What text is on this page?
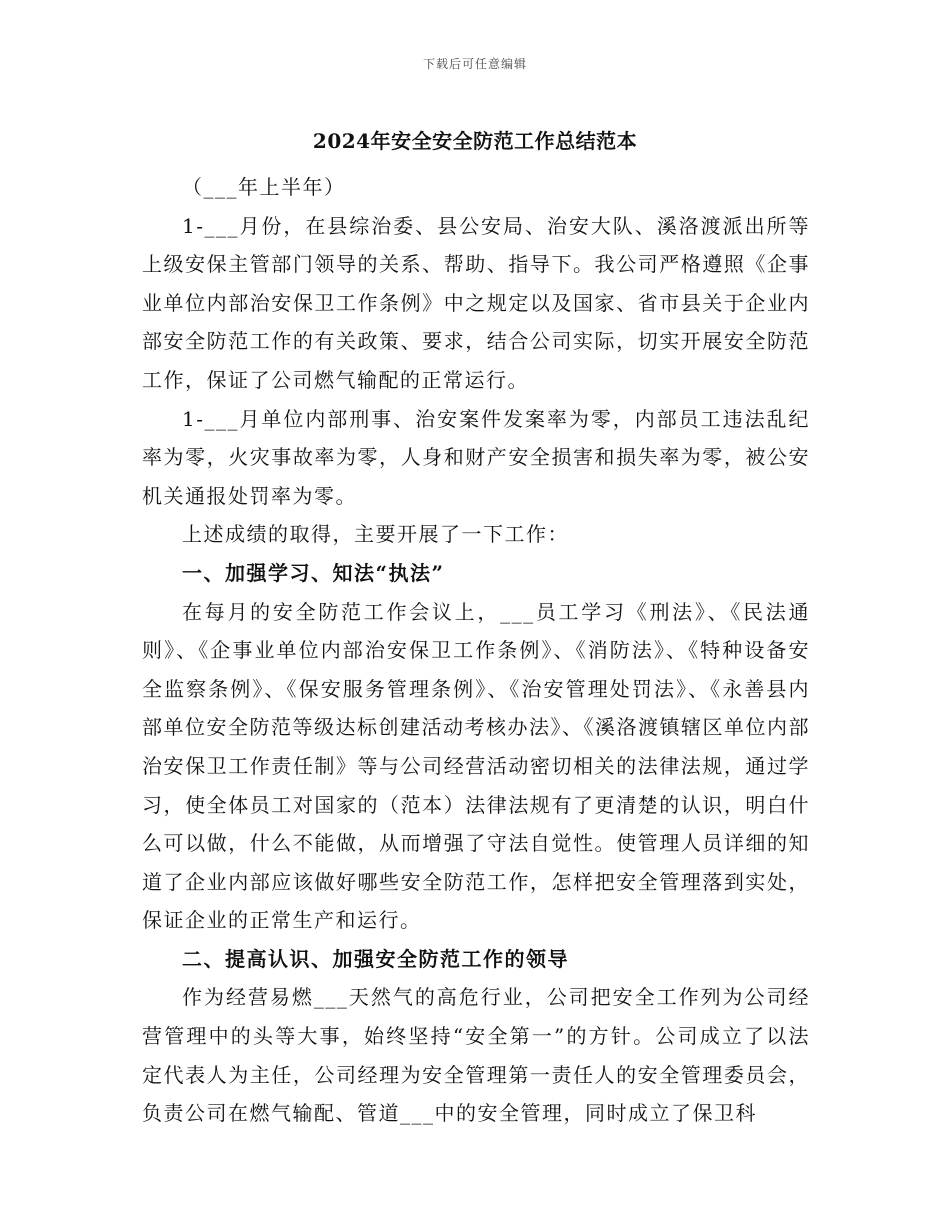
下载后可任意编辑
2024年安全安全防范工作总结范本

（___年上半年）

1-___月份，在县综治委、县公安局、治安大队、溪洛渡派出所等上级安保主管部门领导的关系、帮助、指导下。我公司严格遵照《企事业单位内部治安保卫工作条例》中之规定以及国家、省市县关于企业内部安全防范工作的有关政策、要求，结合公司实际，切实开展安全防范工作，保证了公司燃气输配的正常运行。

1-___月单位内部刑事、治安案件发案率为零，内部员工违法乱纪率为零，火灾事故率为零，人身和财产安全损害和损失率为零，被公安机关通报处罚率为零。

上述成绩的取得，主要开展了一下工作：

一、加强学习、知法“执法”

在每月的安全防范工作会议上，___员工学习《刑法》、《民法通则》、《企事业单位内部治安保卫工作条例》、《消防法》、《特种设备安全监察条例》、《保安服务管理条例》、《治安管理处罚法》、《永善县内部单位安全防范等级达标创建活动考核办法》、《溪洛渡镇辖区单位内部治安保卫工作责任制》等与公司经营活动密切相关的法律法规，通过学习，使全体员工对国家的（范本）法律法规有了更清楚的认识，明白什么可以做，什么不能做，从而增强了守法自觉性。使管理人员详细的知道了企业内部应该做好哪些安全防范工作，怎样把安全管理落到实处，保证企业的正常生产和运行。

二、提高认识、加强安全防范工作的领导

作为经营易燃___天然气的高危行业，公司把安全工作列为公司经营管理中的头等大事，始终坚持“安全第一”的方针。公司成立了以法定代表人为主任，公司经理为安全管理第一责任人的安全管理委员会，负责公司在燃气输配、管道___中的安全管理，同时成立了保卫科
